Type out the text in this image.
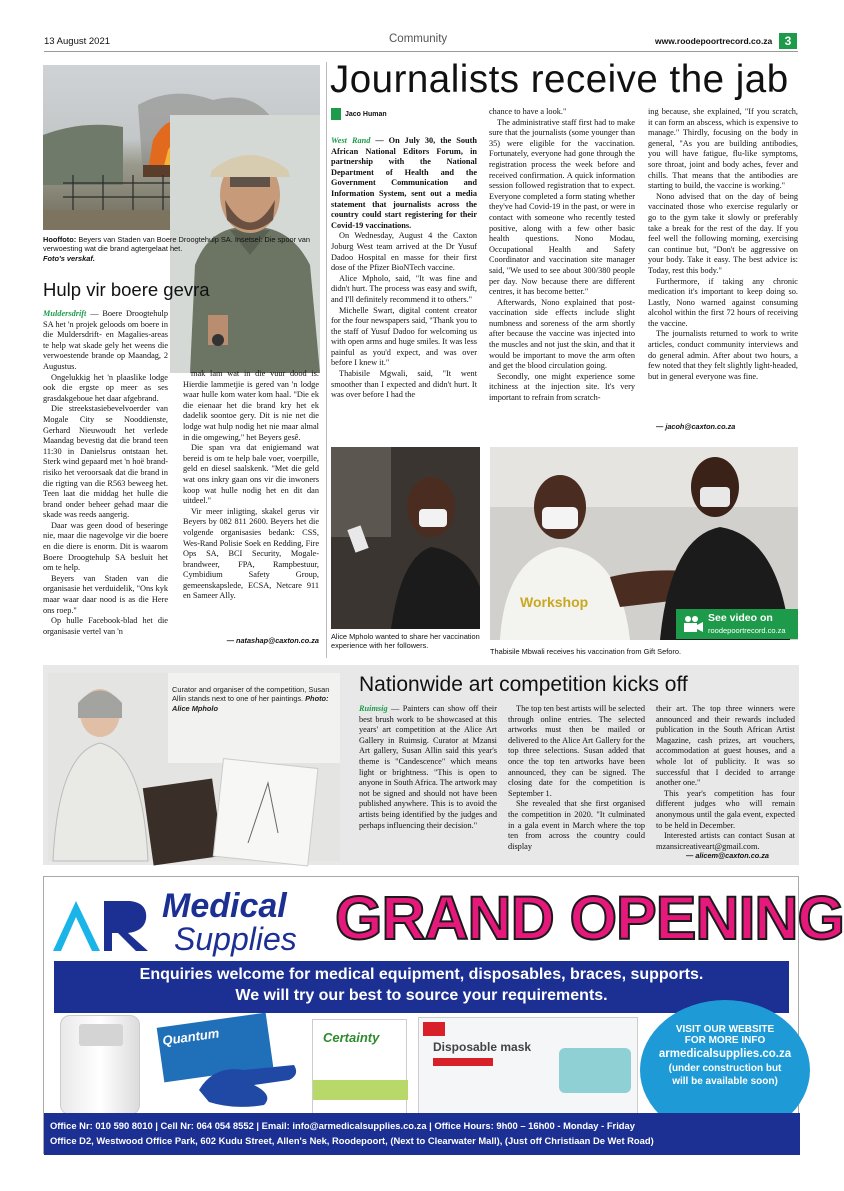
13 August 2021	Community	www.roodepoortrecord.co.za	3
Hooffoto: Beyers van Staden van Boere Droogtehulp SA. Insetsel: Die spoor van verwoesting wat die brand agtergelaat het.
Foto's verskaf.
Hulp vir boere gevra

Muldersdrift — Boere Droogtehulp SA het 'n projek geloods om boere in die Muldersdrift- en Magalies-areas te help wat skade gely het weens die verwoestende brande op Maandag, 2 Augustus.

Ongelukkig het 'n plaaslike lodge ook die ergste op meer as ses grasdakgeboue het daar afgebrand.

Die streekstasiebevelvoerder van Mogale City se Nooddienste, Gerhard Nieuwoudt het verlede Maandag bevestig dat die brand teen 11:30 in Danielsrus ontstaan het. Sterk wind gepaard met 'n hoë brand-risiko het veroorsaak dat die brand in die rigting van die R563 beweeg het. Teen laat die middag het hulle die brand onder beheer gehad maar die skade was reeds aangerig.

Daar was geen dood of beseringe nie, maar die nagevolge vir die boere en die diere is enorm. Dit is waarom Boere Droogtehulp SA besluit het om te help.

Beyers van Staden van die organisasie het verduidelik, "Ons kyk maar waar daar nood is as die Here ons roep."

Op hulle Facebook-blad het die organisasie vertel van 'n

mak lam wat in die vuur dood is. Hierdie lammetjie is gered van 'n lodge waar hulle kom water kom haal. "Die ek die eienaar het die brand kry het ek dadelik soontoe gery. Dit is nie net die lodge wat hulp nodig het nie maar almal in die omgewing," het Beyers gesê.

Die span vra dat enigiemand wat bereid is om te help bale voer, voerpille, geld en diesel saalskenk. "Met die geld wat ons inkry gaan ons vir die inwoners koop wat hulle nodig het en dit dan uitdeel."

Vir meer inligting, skakel gerus vir Beyers by 082 811 2600. Beyers het die volgende organisasies bedank: CSS, Wes-Rand Polisie Soek en Redding, Fire Ops SA, BCI Security, Mogale-brandweer, FPA, Rampbestuur, Cymbidium Safety Group, gemeenskapslede, ECSA, Netcare 911 en Sameer Ally.

— natashap@caxton.co.za
Journalists receive the jab
Jaco Human

West Rand — On July 30, the South African National Editors Forum, in partnership with the National Department of Health and the Government Communication and Information System, sent out a media statement that journalists across the country could start registering for their Covid-19 vaccinations.

On Wednesday, August 4 the Caxton Joburg West team arrived at the Dr Yusuf Dadoo Hospital en masse for their first dose of the Pfizer BioNTech vaccine.

Alice Mpholo, said, "It was fine and didn't hurt. The process was easy and swift, and I'll definitely recommend it to others."

Michelle Swart, digital content creator for the four newspapers said, "Thank you to the staff of Yusuf Dadoo for welcoming us with open arms and huge smiles. It was less painful as you'd expect, and was over before I knew it."

Thabisile Mgwali, said, "It went smoother than I expected and didn't hurt. It was over before I had the

chance to have a look."

The administrative staff first had to make sure that the journalists (some younger than 35) were eligible for the vaccination. Fortunately, everyone had gone through the registration process the week before and received confirmation. A quick information session followed registration that to expect. Everyone completed a form stating whether they've had Covid-19 in the past, or were in contact with someone who recently tested positive, along with a few other basic health questions. Nono Modau, Occupational Health and Safety Coordinator and vaccination site manager said, "We used to see about 300/380 people per day. Now because there are different centres, it has become better."

Afterwards, Nono explained that post-vaccination side effects include slight numbness and soreness of the arm shortly after because the vaccine was injected into the muscles and not just the skin, and that it would be important to move the arm often and get the blood circulation going.

Secondly, one might experience some itchiness at the injection site. It's very important to refrain from scratch-

ing because, she explained, "If you scratch, it can form an abscess, which is expensive to manage." Thirdly, focusing on the body in general, "As you are building antibodies, you will have fatigue, flu-like symptoms, sore throat, joint and body aches, fever and chills. That means that the antibodies are starting to build, the vaccine is working."

Nono advised that on the day of being vaccinated those who exercise regularly or go to the gym take it slowly or preferably take a break for the rest of the day. If you feel well the following morning, exercising can continue but, "Don't be aggressive on your body. Take it easy. The best advice is: Today, rest this body."

Furthermore, if taking any chronic medication it's important to keep doing so. Lastly, Nono warned against consuming alcohol within the first 72 hours of receiving the vaccine.

The journalists returned to work to write articles, conduct community interviews and do general admin. After about two hours, a few noted that they felt slightly light-headed, but in general everyone was fine.

— jacoh@caxton.co.za
Alice Mpholo wanted to share her vaccination experience with her followers.
Workshop
See video on
roodepoortrecord.co.za
Thabisile Mbwali receives his vaccination from Gift Seforo.
Curator and organiser of the competition, Susan Allin stands next to one of her paintings. Photo: Alice Mpholo
Nationwide art competition kicks off

Ruimsig — Painters can show off their best brush work to be showcased at this years' art competition at the Alice Art Gallery in Ruimsig. Curator at Mzansi Art gallery, Susan Allin said this year's theme is "Candescence" which means light or brightness. "This is open to anyone in South Africa. The artwork may not be signed and should not have been published anywhere. This is to avoid the artists being identified by the judges and perhaps influencing their decision."

The top ten best artists will be selected through online entries. The selected artworks must then be mailed or delivered to the Alice Art Gallery for the top three selections. Susan added that once the top ten artworks have been announced, they can be signed. The closing date for the competition is September 1.

She revealed that she first organised the competition in 2020. "It culminated in a gala event in March where the top ten from across the country could display

their art. The top three winners were announced and their rewards included publication in the South African Artist Magazine, cash prizes, art vouchers, accommodation at guest houses, and a whole lot of publicity. It was so successful that I decided to arrange another one."

This year's competition has four different judges who will remain anonymous until the gala event, expected to be held in December.

Interested artists can contact Susan at mzansicreativeart@gmail.com.

— alicem@caxton.co.za
Medical
Supplies GRAND OPENING
Enquiries welcome for medical equipment, disposables, braces, supports.
We will try our best to source your requirements.
Quantum	Certainty
Disposable mask
VISIT OUR WEBSITE
FOR MORE INFO
armedicalsupplies.co.za
(under construction but will be available soon)
Office Nr: 010 590 8010 | Cell Nr: 064 054 8552 | Email: info@armedicalsupplies.co.za | Office Hours: 9h00 – 16h00 - Monday - Friday
Office D2, Westwood Office Park, 602 Kudu Street, Allen's Nek, Roodepoort, (Next to Clearwater Mall), (Just off Christiaan De Wet Road)
